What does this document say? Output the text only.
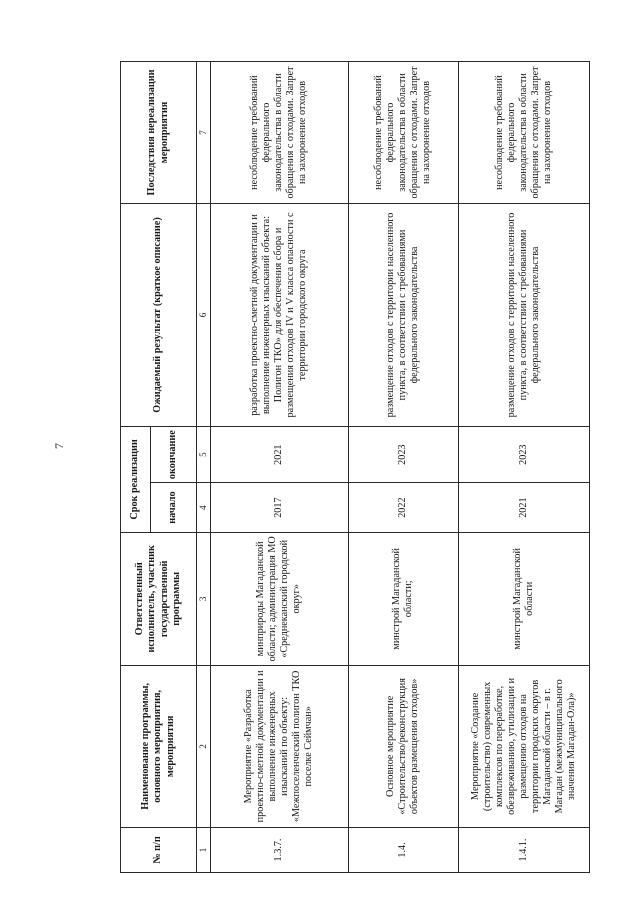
7
№ п/п	Наименование программы, основного мероприятия, мероприятия	Ответственный исполнитель, участник государственной программы	Срок реализации		Ожидаемый результат (краткое описание)	Последствия нереализации мероприятия
			начало	окончание		
1	2	3	4	5	6	7
1.3.7.	Мероприятие «Разработка проектно-сметной документации и выполнение инженерных изысканий по объекту: «Межпоселенческий полигон ТКО поселке Сеймчан»	минприроды Магаданской области; администрация МО «Среднеканский городской округ»	2017	2021	разработка проектно-сметной документации и выполнение инженерных изысканий объекта: Полигон ТКО» для обеспечения сбора и размещения отходов IV и V класса опасности с территории городского округа	несоблюдение требований федерального законодательства в области обращения с отходами. Запрет на захоронение отходов
1.4.	Основное мероприятие «Строительство/реконструкция объектов размещения отходов»	минстрой Магаданской области;	2022	2023	размещение отходов с территории населенного пункта, в соответствии с требованиями федерального законодательства	несоблюдение требований федерального законодательства в области обращения с отходами. Запрет на захоронение отходов
1.4.1.	Мероприятие «Создание (строительство) современных комплексов по переработке, обезвреживанию, утилизации и размещению отходов на территории городских округов Магаданской области – в г. Магадан (межмуниципального значения Магадан-Ола)»	минстрой Магаданской области	2021	2023	размещение отходов с территории населенного пункта, в соответствии с требованиями федерального законодательства	несоблюдение требований федерального законодательства в области обращения с отходами. Запрет на захоронение отходов
